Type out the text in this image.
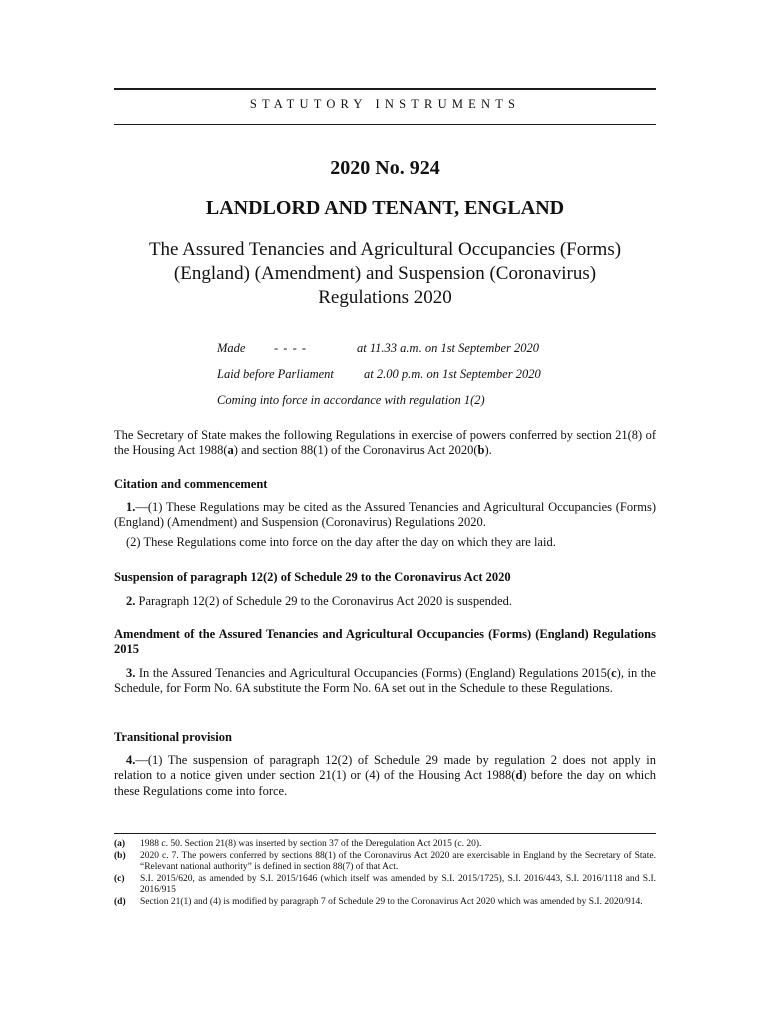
STATUTORY INSTRUMENTS
2020 No. 924
LANDLORD AND TENANT, ENGLAND
The Assured Tenancies and Agricultural Occupancies (Forms)
(England) (Amendment) and Suspension (Coronavirus)
Regulations 2020
Made - - - -	at 11.33 a.m. on 1st September 2020
Laid before Parliament at 2.00 p.m. on 1st September 2020
Coming into force in accordance with regulation 1(2)

The Secretary of State makes the following Regulations in exercise of powers conferred by section 21(8) of the Housing Act 1988(a) and section 88(1) of the Coronavirus Act 2020(b).

Citation and commencement

1.—(1) These Regulations may be cited as the Assured Tenancies and Agricultural Occupancies (Forms) (England) (Amendment) and Suspension (Coronavirus) Regulations 2020.

(2) These Regulations come into force on the day after the day on which they are laid.

Suspension of paragraph 12(2) of Schedule 29 to the Coronavirus Act 2020

2. Paragraph 12(2) of Schedule 29 to the Coronavirus Act 2020 is suspended.

Amendment of the Assured Tenancies and Agricultural Occupancies (Forms) (England) Regulations 2015

3. In the Assured Tenancies and Agricultural Occupancies (Forms) (England) Regulations 2015(c), in the Schedule, for Form No. 6A substitute the Form No. 6A set out in the Schedule to these Regulations.

Transitional provision

4.—(1) The suspension of paragraph 12(2) of Schedule 29 made by regulation 2 does not apply in relation to a notice given under section 21(1) or (4) of the Housing Act 1988(d) before the day on which these Regulations come into force.

(a) 1988 c. 50. Section 21(8) was inserted by section 37 of the Deregulation Act 2015 (c. 20).
(b) 2020 c. 7. The powers conferred by sections 88(1) of the Coronavirus Act 2020 are exercisable in England by the Secretary of State. “Relevant national authority” is defined in section 88(7) of that Act.
(c) S.I. 2015/620, as amended by S.I. 2015/1646 (which itself was amended by S.I. 2015/1725), S.I. 2016/443, S.I. 2016/1118 and S.I. 2016/915
(d) Section 21(1) and (4) is modified by paragraph 7 of Schedule 29 to the Coronavirus Act 2020 which was amended by S.I. 2020/914.
